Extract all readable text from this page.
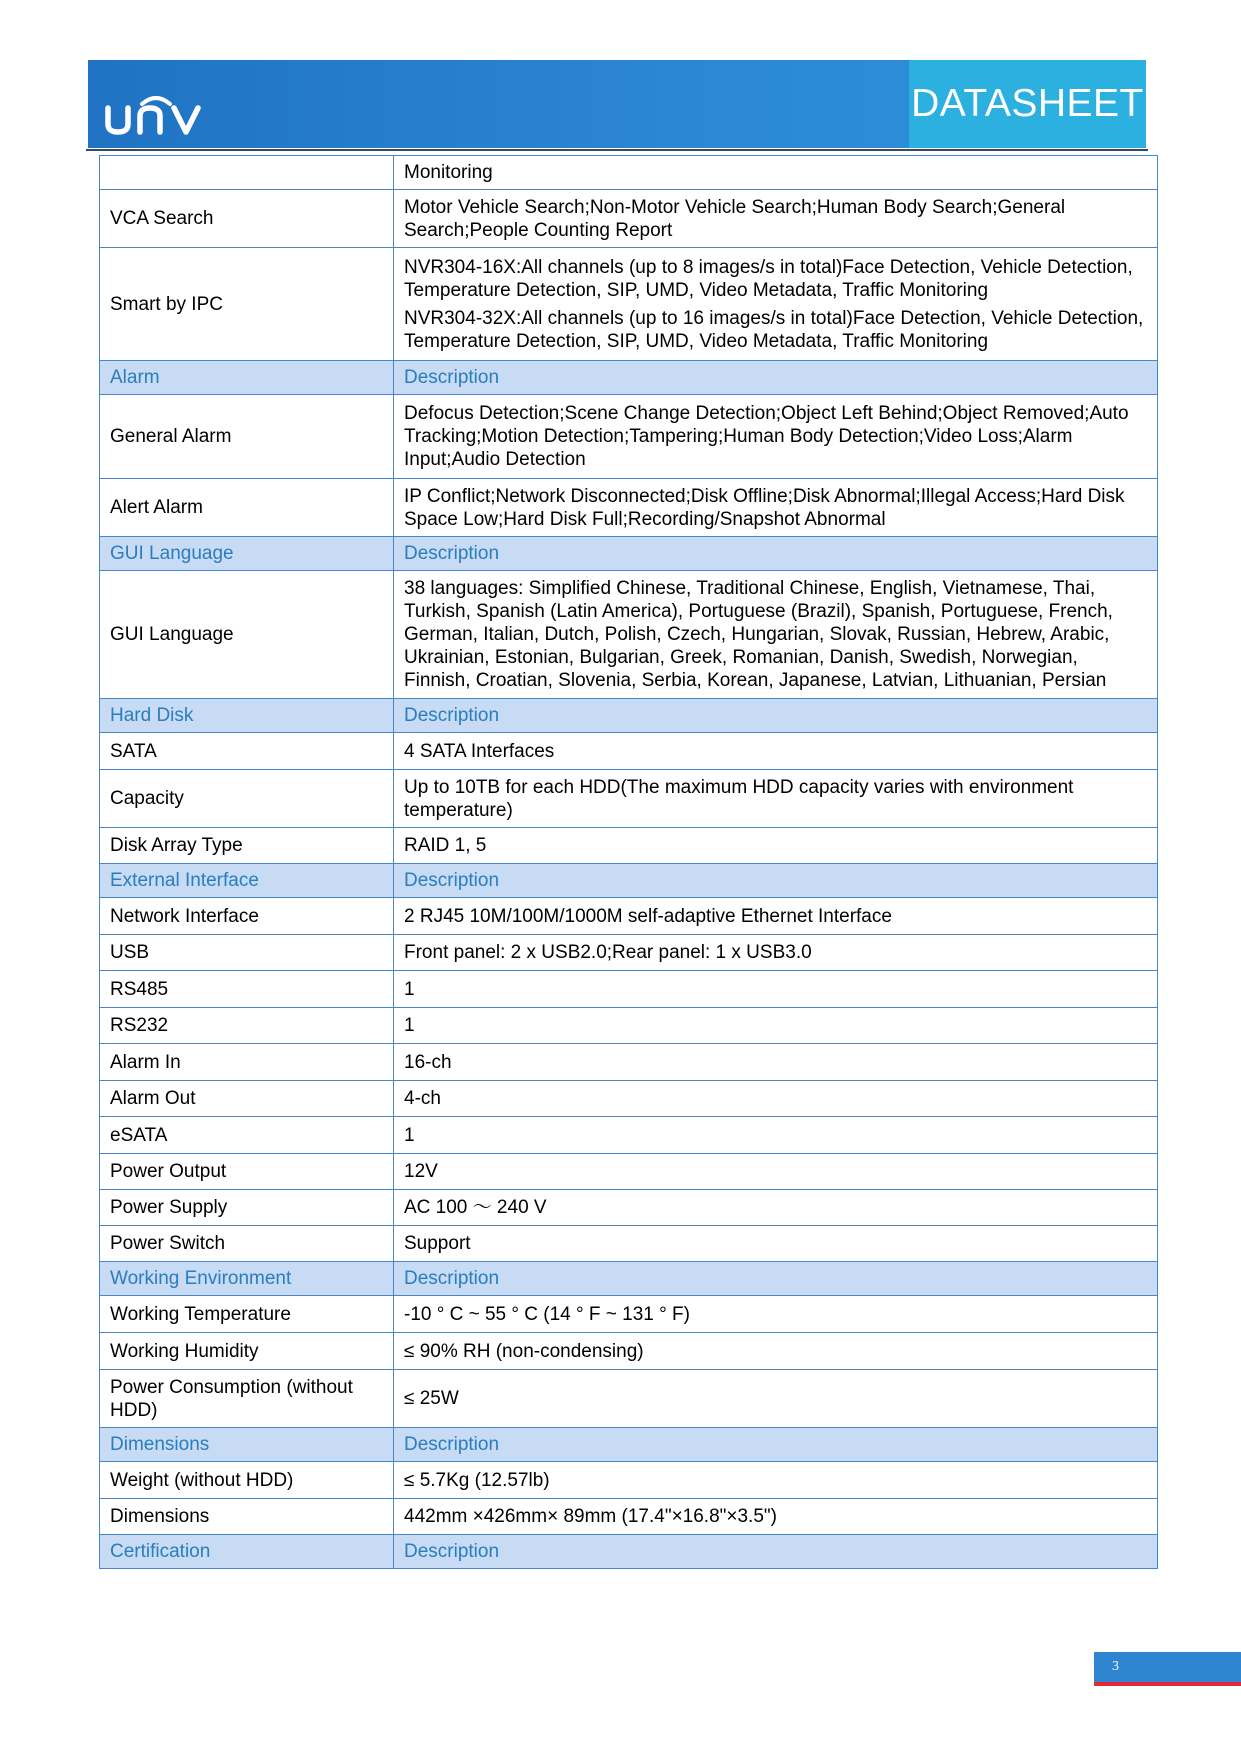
DATASHEET

	Monitoring

VCA Search	Motor Vehicle Search;Non-Motor Vehicle Search;Human Body Search;General Search;People Counting Report

Smart by IPC	NVR304-16X:All channels (up to 8 images/s in total)Face Detection, Vehicle Detection, Temperature Detection, SIP, UMD, Video Metadata, Traffic Monitoring
NVR304-32X:All channels (up to 16 images/s in total)Face Detection, Vehicle Detection, Temperature Detection, SIP, UMD, Video Metadata, Traffic Monitoring

Alarm	Description

General Alarm	Defocus Detection;Scene Change Detection;Object Left Behind;Object Removed;Auto Tracking;Motion Detection;Tampering;Human Body Detection;Video Loss;Alarm Input;Audio Detection

Alert Alarm	IP Conflict;Network Disconnected;Disk Offline;Disk Abnormal;Illegal Access;Hard Disk Space Low;Hard Disk Full;Recording/Snapshot Abnormal

GUI Language	Description

GUI Language	38 languages: Simplified Chinese, Traditional Chinese, English, Vietnamese, Thai, Turkish, Spanish (Latin America), Portuguese (Brazil), Spanish, Portuguese, French, German, Italian, Dutch, Polish, Czech, Hungarian, Slovak, Russian, Hebrew, Arabic, Ukrainian, Estonian, Bulgarian, Greek, Romanian, Danish, Swedish, Norwegian, Finnish, Croatian, Slovenia, Serbia, Korean, Japanese, Latvian, Lithuanian, Persian

Hard Disk	Description

SATA	4 SATA Interfaces

Capacity	Up to 10TB for each HDD(The maximum HDD capacity varies with environment temperature)

Disk Array Type	RAID 1, 5

External Interface	Description

Network Interface	2 RJ45 10M/100M/1000M self-adaptive Ethernet Interface

USB	Front panel: 2 x USB2.0;Rear panel: 1 x USB3.0

RS485	1

RS232	1

Alarm In	16-ch

Alarm Out	4-ch

eSATA	1

Power Output	12V

Power Supply	AC 100 ～ 240 V

Power Switch	Support

Working Environment	Description

Working Temperature	-10 ° C ~ 55 ° C (14 ° F ~ 131 ° F)

Working Humidity	≤ 90% RH (non-condensing)

Power Consumption (without HDD)	≤ 25W

Dimensions	Description

Weight (without HDD)	≤ 5.7Kg (12.57lb)

Dimensions	442mm ×426mm× 89mm (17.4"×16.8"×3.5")

Certification	Description
3
